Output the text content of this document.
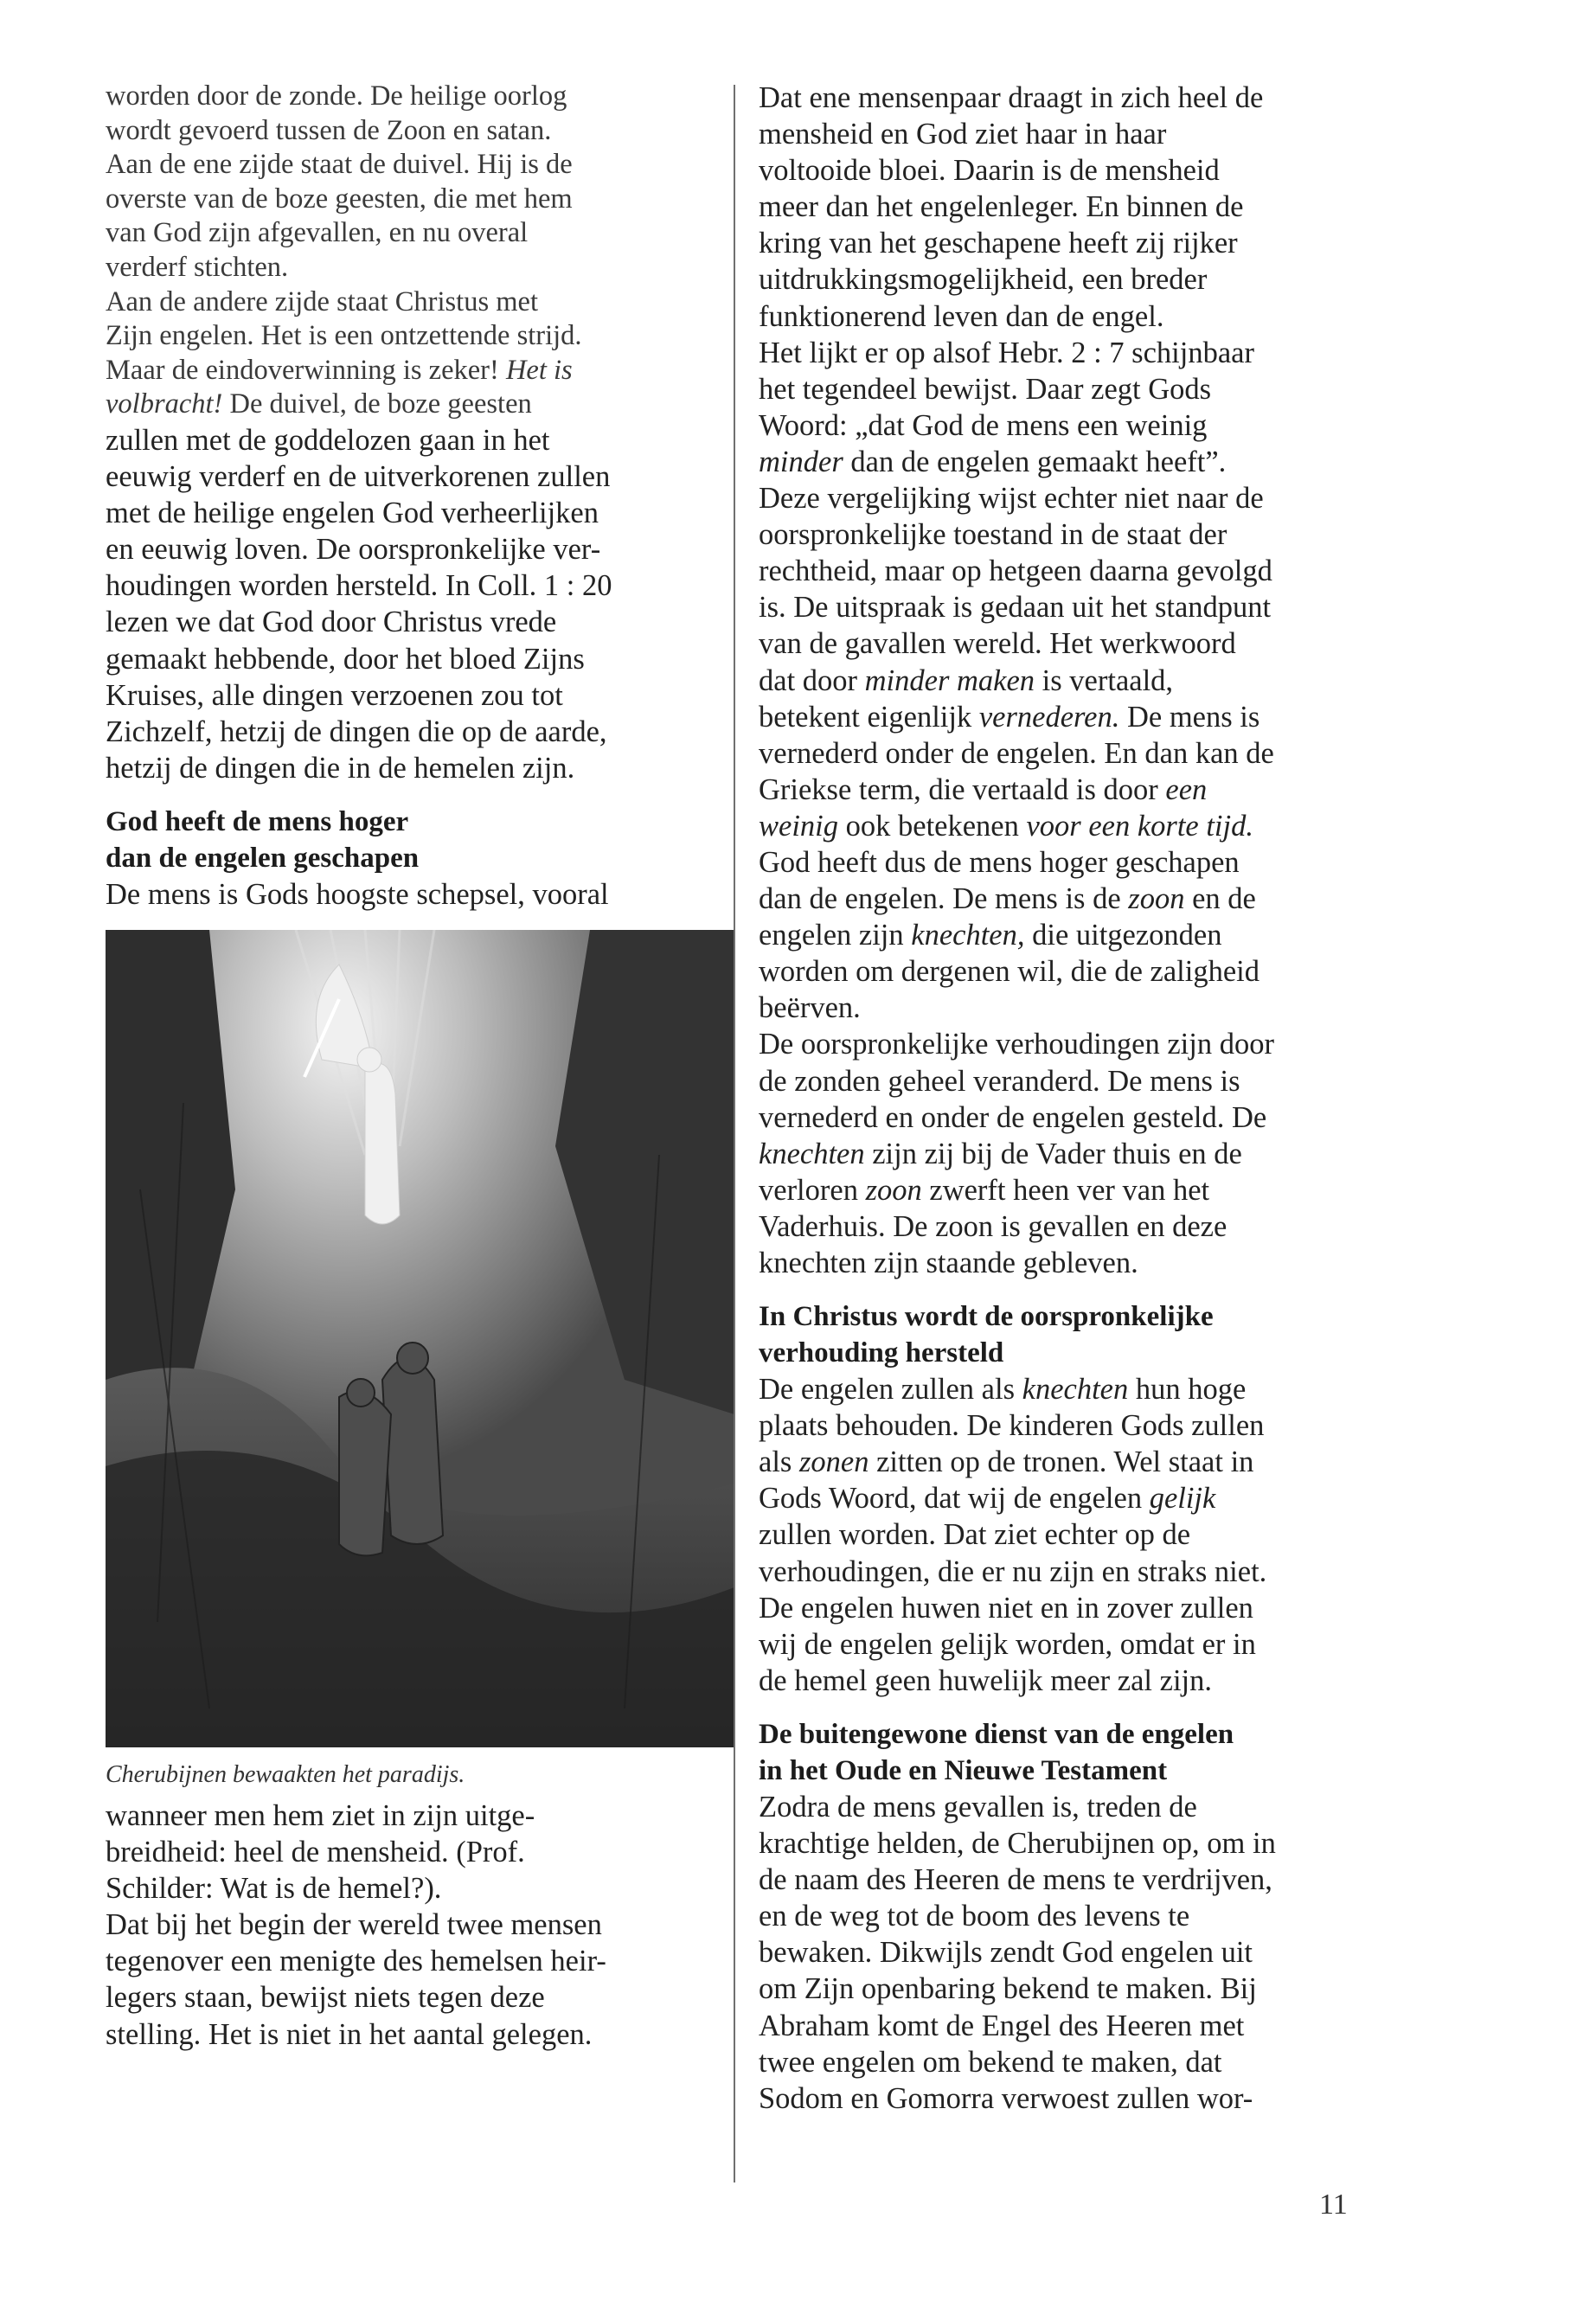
worden door de zonde. De heilige oorlog

wordt gevoerd tussen de Zoon en satan.

Aan de ene zijde staat de duivel. Hij is de

overste van de boze geesten, die met hem

van God zijn afgevallen, en nu overal

verderf stichten.

Aan de andere zijde staat Christus met

Zijn engelen. Het is een ontzettende strijd.

Maar de eindoverwinning is zeker! Het is

volbracht! De duivel, de boze geesten

zullen met de goddelozen gaan in het

eeuwig verderf en de uitverkorenen zullen

met de heilige engelen God verheerlijken

en eeuwig loven. De oorspronkelijke ver-

houdingen worden hersteld. In Coll. 1 : 20

lezen we dat God door Christus vrede

gemaakt hebbende, door het bloed Zijns

Kruises, alle dingen verzoenen zou tot

Zichzelf, hetzij de dingen die op de aarde,

hetzij de dingen die in de hemelen zijn.

God heeft de mens hoger

dan de engelen geschapen

De mens is Gods hoogste schepsel, vooral

Cherubijnen bewaakten het paradijs.

wanneer men hem ziet in zijn uitge-

breidheid: heel de mensheid. (Prof.

Schilder: Wat is de hemel?).

Dat bij het begin der wereld twee mensen

tegenover een menigte des hemelsen heir-

legers staan, bewijst niets tegen deze

stelling. Het is niet in het aantal gelegen.

Dat ene mensenpaar draagt in zich heel de

mensheid en God ziet haar in haar

voltooide bloei. Daarin is de mensheid

meer dan het engelenleger. En binnen de

kring van het geschapene heeft zij rijker

uitdrukkingsmogelijkheid, een breder

funktionerend leven dan de engel.

Het lijkt er op alsof Hebr. 2 : 7 schijnbaar

het tegendeel bewijst. Daar zegt Gods

Woord: „dat God de mens een weinig

minder dan de engelen gemaakt heeft”.

Deze vergelijking wijst echter niet naar de

oorspronkelijke toestand in de staat der

rechtheid, maar op hetgeen daarna gevolgd

is. De uitspraak is gedaan uit het standpunt

van de gavallen wereld. Het werkwoord

dat door minder maken is vertaald,

betekent eigenlijk vernederen. De mens is

vernederd onder de engelen. En dan kan de

Griekse term, die vertaald is door een

weinig ook betekenen voor een korte tijd.

God heeft dus de mens hoger geschapen

dan de engelen. De mens is de zoon en de

engelen zijn knechten, die uitgezonden

worden om dergenen wil, die de zaligheid

beërven.

De oorspronkelijke verhoudingen zijn door

de zonden geheel veranderd. De mens is

vernederd en onder de engelen gesteld. De

knechten zijn zij bij de Vader thuis en de

verloren zoon zwerft heen ver van het

Vaderhuis. De zoon is gevallen en deze

knechten zijn staande gebleven.

In Christus wordt de oorspronkelijke

verhouding hersteld

De engelen zullen als knechten hun hoge

plaats behouden. De kinderen Gods zullen

als zonen zitten op de tronen. Wel staat in

Gods Woord, dat wij de engelen gelijk

zullen worden. Dat ziet echter op de

verhoudingen, die er nu zijn en straks niet.

De engelen huwen niet en in zover zullen

wij de engelen gelijk worden, omdat er in

de hemel geen huwelijk meer zal zijn.

De buitengewone dienst van de engelen

in het Oude en Nieuwe Testament

Zodra de mens gevallen is, treden de

krachtige helden, de Cherubijnen op, om in

de naam des Heeren de mens te verdrijven,

en de weg tot de boom des levens te

bewaken. Dikwijls zendt God engelen uit

om Zijn openbaring bekend te maken. Bij

Abraham komt de Engel des Heeren met

twee engelen om bekend te maken, dat

Sodom en Gomorra verwoest zullen wor-

11
